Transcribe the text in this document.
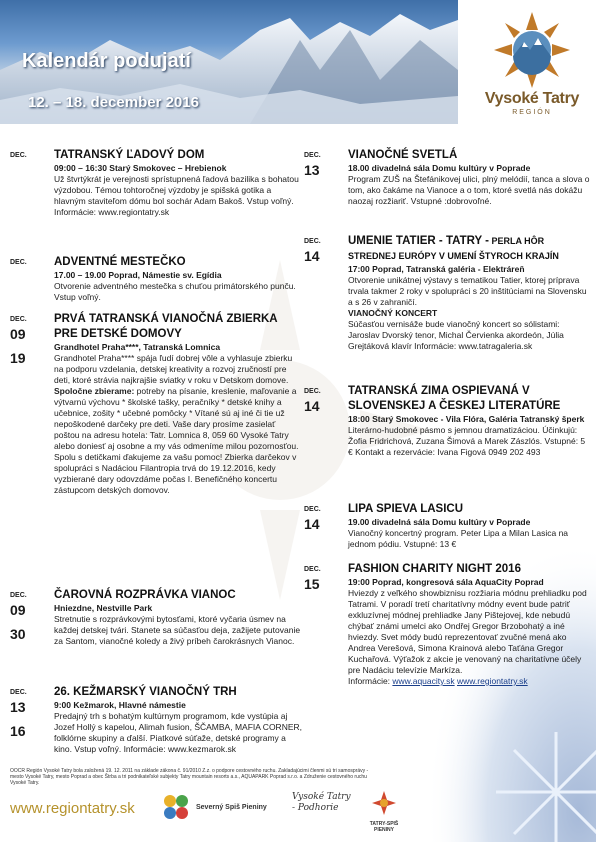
Kalendár podujatí
12. – 18. december 2016	Vysoké Tatry
REGIÓN
DEC.	TATRANSKÝ ĽADOVÝ DOM
09:00 – 16:30 Starý Smokovec – Hrebienok
Už štvrtýkrát je verejnosti sprístupnená ľadová bazilika s bohatou výzdobou. Témou tohtoročnej výzdoby je spišská gotika a hlavným staviteľom dómu bol sochár Adam Bakoš. Vstup voľný. Informácie: www.regiontatry.sk
DEC.	ADVENTNÉ MESTEČKO
17.00 – 19.00 Poprad, Námestie sv. Egídia
Otvorenie adventného mestečka s chuťou primátorského punču. Vstup voľný.
DEC.
09
19
PRVÁ TATRANSKÁ VIANOČNÁ ZBIERKA PRE DETSKÉ DOMOVY
Grandhotel Praha****, Tatranská Lomnica
Grandhotel Praha**** spája ľudí dobrej vôle a vyhlasuje zbierku na podporu vzdelania, detskej kreativity a rozvoj zručností pre deti, ktoré strávia najkrajšie sviatky v roku v Detskom domove.
Spoločne zbierame: potreby na písanie, kreslenie, maľovanie a výtvarnú výchovu * školské tašky, peračníky * detské knihy a učebnice, zošity * učebné pomôcky * Vítané sú aj iné či tie už nepoškodené darčeky pre deti. Vaše dary prosíme zasielať poštou na adresu hotela: Tatr. Lomnica 8, 059 60 Vysoké Tatry alebo doniesť aj osobne a my vás odmeníme milou pozornosťou. Spolu s detičkami ďakujeme za vašu pomoc! Zbierka darčekov v spolupráci s Nadáciou Filantropia trvá do 19.12.2016, kedy vyzbierané dary odovzdáme počas I. Benefičného koncertu zástupcom detských domovov.
DEC.
09
30
ČAROVNÁ ROZPRÁVKA VIANOC
Hniezdne, Nestville Park
Stretnutie s rozprávkovými bytosťami, ktoré vyčaria úsmev na každej detskej tvári. Stanete sa súčasťou deja, zažijete putovanie za Santom, vianočné koledy a živý príbeh čarokrásnych Vianoc.
DEC.
13
16
26. KEŽMARSKÝ VIANOČNÝ TRH
9:00 Kežmarok, Hlavné námestie
Predajný trh s bohatým kultúrnym programom, kde vystúpia aj Jozef Hollý s kapelou, Alimah fusion, ŠČAMBA, MAFIA CORNER, folklórne skupiny a ďalší. Piatkové súťaže, detské programy a kino. Vstup voľný. Informácie: www.kezmarok.sk
DEC.
13
VIANOČNÉ SVETLÁ
18.00 divadelná sála Domu kultúry v Poprade
Program ZUŠ na Štefánikovej ulici, plný melódií, tanca a slova o tom, ako čakáme na Vianoce a o tom, ktoré svetlá nás dokážu naozaj rozžiariť. Vstupné :dobrovoľné.
DEC.
14
UMENIE TATIER - TATRY - PERLA HÔR STREDNEJ EURÓPY V UMENÍ ŠTYROCH KRAJÍN
17:00 Poprad, Tatranská galéria - Elektráreň
Otvorenie unikátnej výstavy s tematikou Tatier, ktorej príprava trvala takmer 2 roky v spolupráci s 20 inštitúciami na Slovensku a s 26 v zahraničí.
VIANOČNÝ KONCERT
Súčasťou vernisáže bude vianočný koncert so sólistami: Jaroslav Dvorský tenor, Michal Červienka akordeón, Júlia Grejtáková klavír Informácie: www.tatragaleria.sk
DEC.
14
TATRANSKÁ ZIMA OSPIEVANÁ V SLOVENSKEJ A ČESKEJ LITERATÚRE
18:00 Starý Smokovec - Vila Flóra, Galéria Tatranský šperk
Literárno-hudobné pásmo s jemnou dramatizáciou. Účinkujú: Žofia Fridrichová, Zuzana Šimová a Marek Zászlós. Vstupné: 5 € Kontakt a rezervácie: Ivana Figová 0949 202 493
DEC.
14
LIPA SPIEVA LASICU
19.00 divadelná sála Domu kultúry v Poprade
Vianočný koncertný program. Peter Lipa a Milan Lasica na jednom pódiu. Vstupné: 13 €
DEC.
15
FASHION CHARITY NIGHT 2016
19:00 Poprad, kongresová sála AquaCity Poprad
Hviezdy z veľkého showbiznisu rozžiaria módnu prehliadku pod Tatrami. V poradí tretí charitatívny módny event bude patriť exkluzívnej módnej prehliadke Jany Pištejovej, kde nebudú chýbať známi umelci ako Ondřej Gregor Brzobohatý a iné hviezdy. Svet módy budú reprezentovať zvučné mená ako Andrea Verešová, Simona Krainová alebo Taťána Gregor Kuchařová. Výťažok z akcie je venovaný na charitatívne účely pre Nadáciu televízie Markíza.
Informácie: www.aquacity.sk www.regiontatry.sk
OOCR Región Vysoké Tatry bola založená 19. 12. 2011 na základe zákona č. 91/2010 Z.z. o podpore cestovného ruchu. Zakladajúcimi členmi sú tri samosprávy - mesto Vysoké Tatry, mesto Poprad a obec Štrba a tri podnikateľské subjekty Tatry mountain resorts a.s., AQUAPARK Poprad s.r.o. a Združenie cestovného ruchu Vysoké Tatry.
www.regiontatry.sk	Severný Spiš Pieniny
Vysoké Tatry - Podhorie
TATRY-SPIŠ PIENINY
